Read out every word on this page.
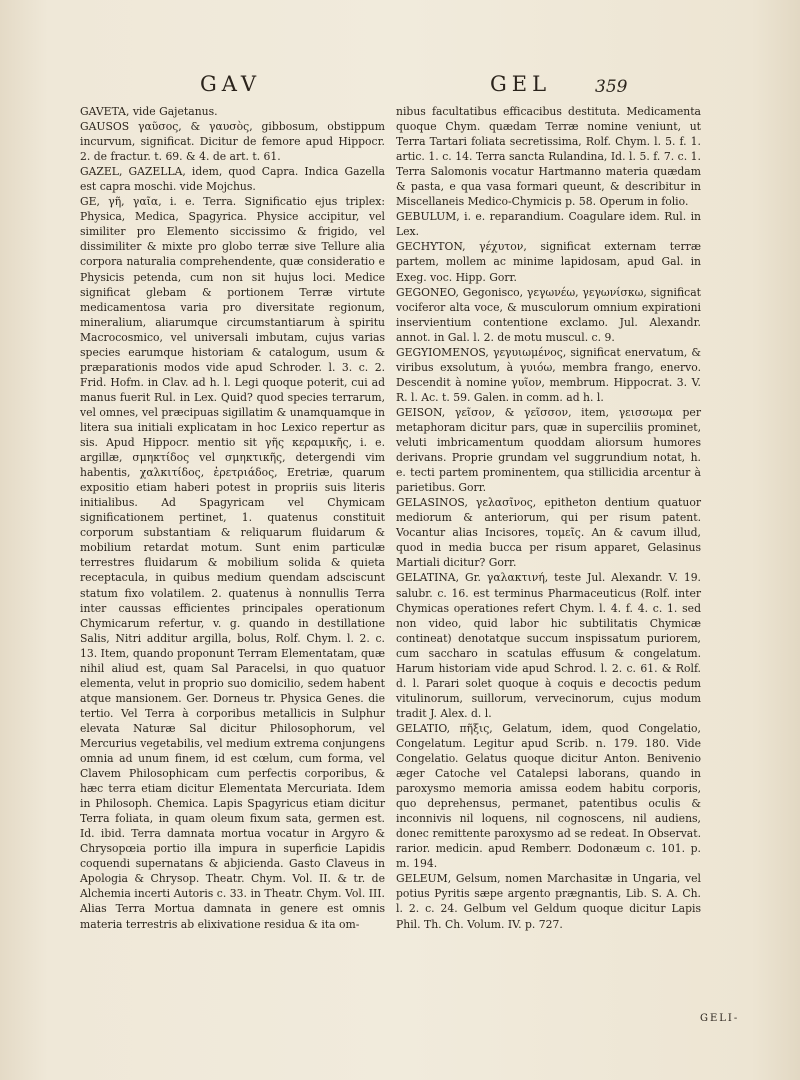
GAV	GEL	359

GAVETA, vide Gajetanus.

GAUSOS γαῦσος, & γαυσὸς, gibbosum, obstippum incurvum, significat. Dicitur de femore apud Hippocr. 2. de fractur. t. 69. & 4. de art. t. 61.

GAZEL, GAZELLA, idem, quod Capra. Indica Gazella est capra moschi. vide Mojchus.

GE, γῆ, γαῖα, i. e. Terra. Significatio ejus triplex: Physica, Medica, Spagyrica. Physice accipitur, vel similiter pro Elemento siccissimo & frigido, vel dissimiliter & mixte pro globo terræ sive Tellure alia corpora naturalia comprehendente, quæ consideratio e Physicis petenda, cum non sit hujus loci. Medice significat glebam & portionem Terræ virtute medicamentosa varia pro diversitate regionum, mineralium, aliarumque circumstantiarum à spiritu Macrocosmico, vel universali imbutam, cujus varias species earumque historiam & catalogum, usum & præparationis modos vide apud Schroder. l. 3. c. 2. Frid. Hofm. in Clav. ad h. l. Legi quoque poterit, cui ad manus fuerit Rul. in Lex. Quid? quod species terrarum, vel omnes, vel præcipuas sigillatim & unamquamque in litera sua initiali explicatam in hoc Lexico repertur as sis. Apud Hippocr. mentio sit γῆς κεραμικῆς, i. e. argillæ, σμηκτίδος vel σμηκτικῆς, detergendi vim habentis, χαλκιτίδος, ἐρετριάδος, Eretriæ, quarum expositio etiam haberi potest in propriis suis literis initialibus. Ad Spagyricam vel Chymicam significationem pertinet, 1. quatenus constituit corporum substantiam & reliquarum fluidarum & mobilium retardat motum. Sunt enim particulæ terrestres fluidarum & mobilium solida & quieta receptacula, in quibus medium quendam adsciscunt statum fixo volatilem. 2. quatenus à nonnullis Terra inter caussas efficientes principales operationum Chymicarum refertur, v. g. quando in destillatione Salis, Nitri additur argilla, bolus, Rolf. Chym. l. 2. c. 13. Item, quando proponunt Terram Elementatam, quæ nihil aliud est, quam Sal Paracelsi, in quo quatuor elementa, velut in proprio suo domicilio, sedem habent atque mansionem. Ger. Dorneus tr. Physica Genes. die tertio. Vel Terra à corporibus metallicis in Sulphur elevata Naturæ Sal dicitur Philosophorum, vel Mercurius vegetabilis, vel medium extrema conjungens omnia ad unum finem, id est cœlum, cum forma, vel Clavem Philosophicam cum perfectis corporibus, & hæc terra etiam dicitur Elementata Mercuriata. Idem in Philosoph. Chemica. Lapis Spagyricus etiam dicitur Terra foliata, in quam oleum fixum sata, germen est. Id. ibid. Terra damnata mortua vocatur in Argyro & Chrysopœia portio illa impura in superficie Lapidis coquendi supernatans & abjicienda. Gasto Claveus in Apologia & Chrysop. Theatr. Chym. Vol. II. & tr. de Alchemia incerti Autoris c. 33. in Theatr. Chym. Vol. III. Alias Terra Mortua damnata in genere est omnis materia terrestris ab elixivatione residua & ita om-

nibus facultatibus efficacibus destituta. Medicamenta quoque Chym. quædam Terræ nomine veniunt, ut Terra Tartari foliata secretissima, Rolf. Chym. l. 5. f. 1. artic. 1. c. 14. Terra sancta Rulandina, Id. l. 5. f. 7. c. 1. Terra Salomonis vocatur Hartmanno materia quædam & pasta, e qua vasa formari queunt, & describitur in Miscellaneis Medico-Chymicis p. 58. Operum in folio.

GEBULUM, i. e. reparandium. Coagulare idem. Rul. in Lex.

GECHYTON, γέχυτον, significat externam terræ partem, mollem ac minime lapidosam, apud Gal. in Exeg. voc. Hipp. Gorr.

GEGONEO, Gegonisco, γεγωνέω, γεγωνίσκω, significat vociferor alta voce, & musculorum omnium expirationi inservientium contentione exclamo. Jul. Alexandr. annot. in Gal. l. 2. de motu muscul. c. 9.

GEGYIOMENOS, γεγυιωμένος, significat enervatum, & viribus exsolutum, à γυιόω, membra frango, enervo. Descendit à nomine γυῖον, membrum. Hippocrat. 3. V. R. l. Ac. t. 59. Galen. in comm. ad h. l.

GEISON, γεῖσον, & γεῖσσον, item, γεισσωμα per metaphoram dicitur pars, quæ in superciliis prominet, veluti imbricamentum quoddam aliorsum humores derivans. Proprie grundam vel suggrundium notat, h. e. tecti partem prominentem, qua stillicidia arcentur à parietibus. Gorr.

GELASINOS, γελασῖνος, epitheton dentium quatuor mediorum & anteriorum, qui per risum patent. Vocantur alias Incisores, τομεῖς. An & cavum illud, quod in media bucca per risum apparet, Gelasinus Martiali dicitur? Gorr.

GELATINA, Gr. γαλακτινή, teste Jul. Alexandr. V. 19. salubr. c. 16. est terminus Pharmaceuticus (Rolf. inter Chymicas operationes refert Chym. l. 4. f. 4. c. 1. sed non video, quid labor hic subtilitatis Chymicæ contineat) denotatque succum inspissatum puriorem, cum saccharo in scatulas effusum & congelatum. Harum historiam vide apud Schrod. l. 2. c. 61. & Rolf. d. l. Parari solet quoque à coquis e decoctis pedum vitulinorum, suillorum, vervecinorum, cujus modum tradit J. Alex. d. l.

GELATIO, πῆξις, Gelatum, idem, quod Congelatio, Congelatum. Legitur apud Scrib. n. 179. 180. Vide Congelatio. Gelatus quoque dicitur Anton. Benivenio æger Catoche vel Catalepsi laborans, quando in paroxysmo memoria amissa eodem habitu corporis, quo deprehensus, permanet, patentibus oculis & inconnivis nil loquens, nil cognoscens, nil audiens, donec remittente paroxysmo ad se redeat. In Observat. rarior. medicin. apud Remberr. Dodonæum c. 101. p. m. 194.

GELEUM, Gelsum, nomen Marchasitæ in Ungaria, vel potius Pyritis sæpe argento prægnantis, Lib. S. A. Ch. l. 2. c. 24. Gelbum vel Geldum quoque dicitur Lapis Phil. Th. Ch. Volum. IV. p. 727.

GELI-
